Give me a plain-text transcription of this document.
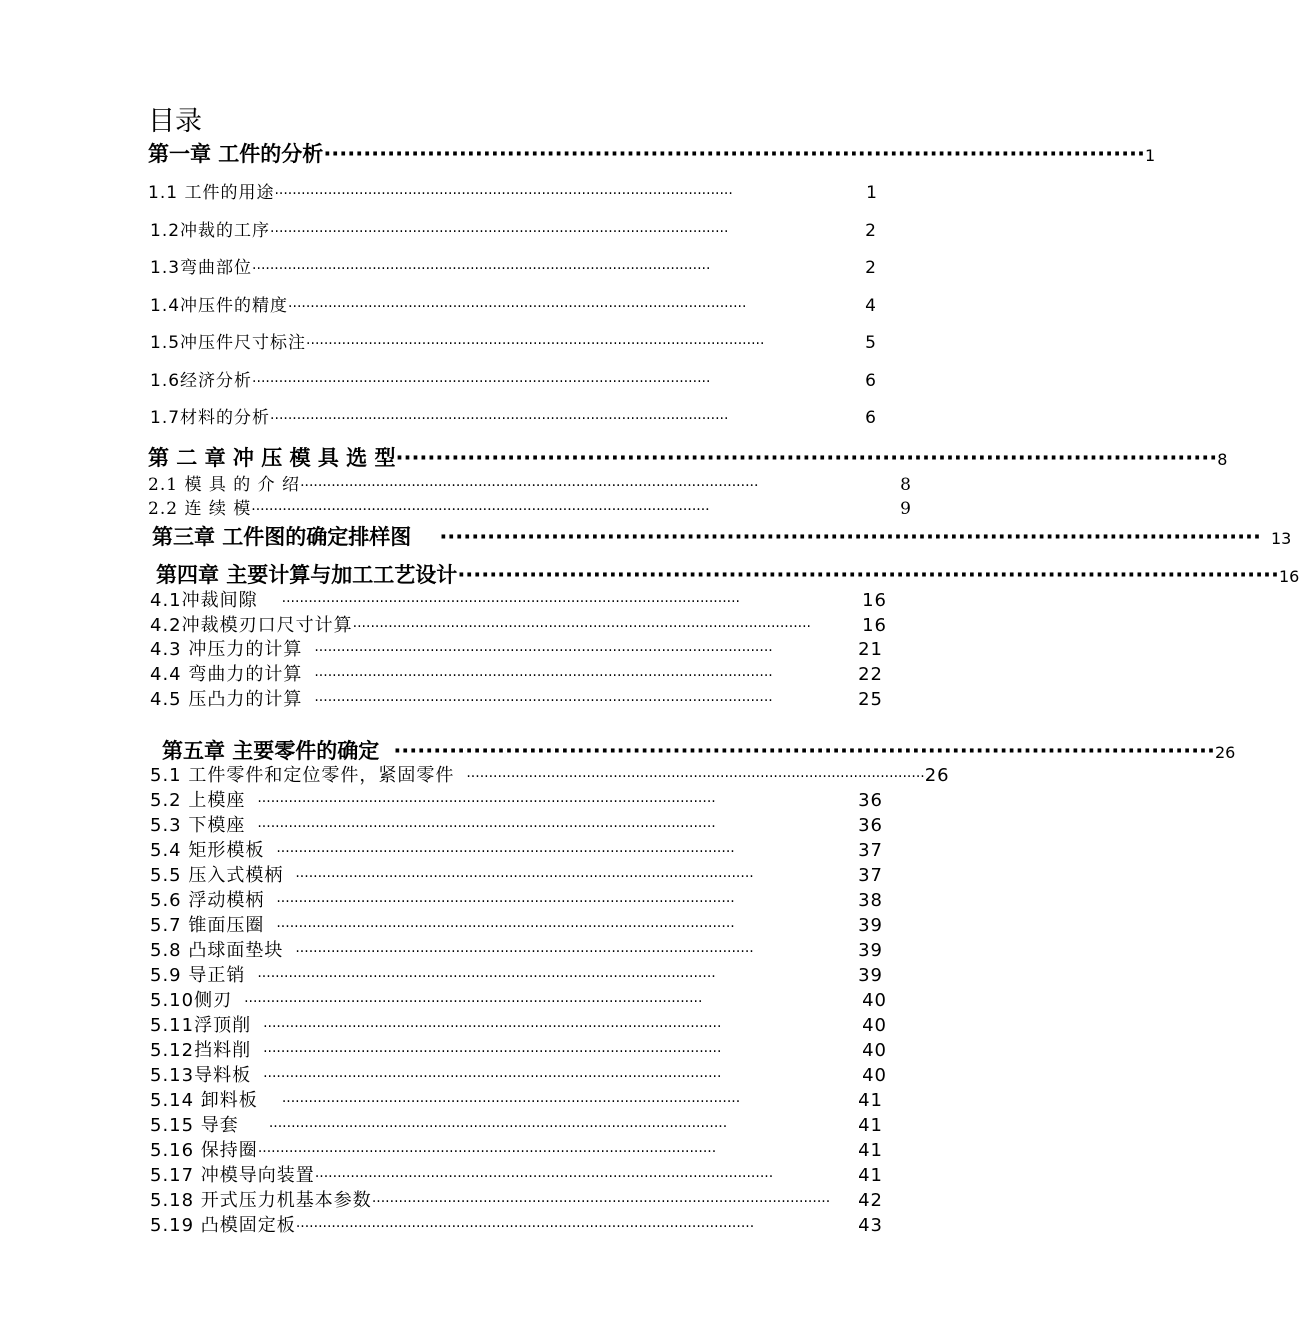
目录
第一章 工件的分析 ······································································································· 1
1.1 工件的用途 ·······································································································	1
1.2冲裁的工序 ·······································································································	2
1.3弯曲部位 ·······································································································	2
1.4冲压件的精度 ·······································································································	4
1.5冲压件尺寸标注 ·······································································································	5
1.6经济分析 ·······································································································	6
1.7材料的分析 ·······································································································	6
第 二 章 冲 压 模 具 选 型 ······································································································· 8
2.1 模 具 的 介 绍 ·······································································································	8
2.2 连 续 模 ·······································································································	9
第三章 工件图的确定排样图 ······································································································· 13
第四章 主要计算与加工工艺设计 ······································································································· 16
4.1冲裁间隙 ·······································································································	16
4.2冲裁模刃口尺寸计算 ·······································································································	16
4.3 冲压力的计算 ·······································································································	21
4.4 弯曲力的计算 ·······································································································	22
4.5 压凸力的计算 ·······································································································	25
第五章 主要零件的确定 ······································································································· 26
5.1 工件零件和定位零件，紧固零件 ······································································································· 26
5.2 上模座 ·······································································································	36
5.3 下模座 ·······································································································	36
5.4 矩形模板 ·······································································································	37
5.5 压入式模柄 ·······································································································	37
5.6 浮动模柄 ·······································································································	38
5.7 锥面压圈 ·······································································································	39
5.8 凸球面垫块 ·······································································································	39
5.9 导正销 ·······································································································	39
5.10侧刃 ·······································································································	40
5.11浮顶削 ·······································································································	40
5.12挡料削 ·······································································································	40
5.13导料板 ·······································································································	40
5.14 卸料板 ·······································································································	41
5.15 导套 ·······································································································	41
5.16 保持圈 ·······································································································	41
5.17 冲模导向装置 ·······································································································	41
5.18 开式压力机基本参数 ·······································································································	42
5.19 凸模固定板 ·······································································································	43
